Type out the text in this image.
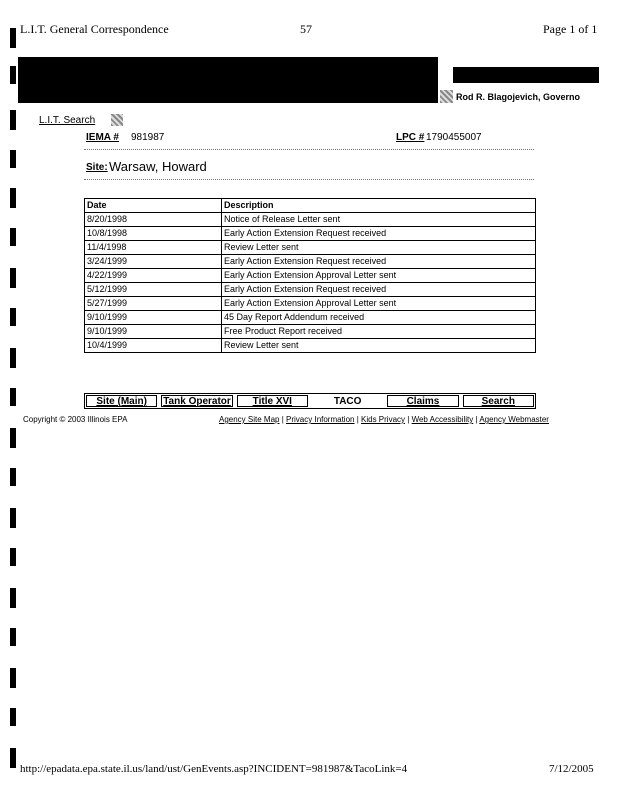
L.I.T. General Correspondence	57	Page 1 of 1
Rod R. Blagojevich, Governo
L.I.T. Search
IEMA # 981987	LPC # 1790455007
Site: Warsaw, Howard
Date	Description
8/20/1998	Notice of Release Letter sent
10/8/1998	Early Action Extension Request received
11/4/1998	Review Letter sent
3/24/1999	Early Action Extension Request received
4/22/1999	Early Action Extension Approval Letter sent
5/12/1999	Early Action Extension Request received
5/27/1999	Early Action Extension Approval Letter sent
9/10/1999	45 Day Report Addendum received
9/10/1999	Free Product Report received
10/4/1999	Review Letter sent
Site (Main)	Tank Operator	Title XVI	TACO	Claims	Search
Copyright © 2003 Illinois EPA	Agency Site Map | Privacy Information | Kids Privacy | Web Accessibility | Agency Webmaster
http://epadata.epa.state.il.us/land/ust/GenEvents.asp?INCIDENT=981987&TacoLink=4	7/12/2005
